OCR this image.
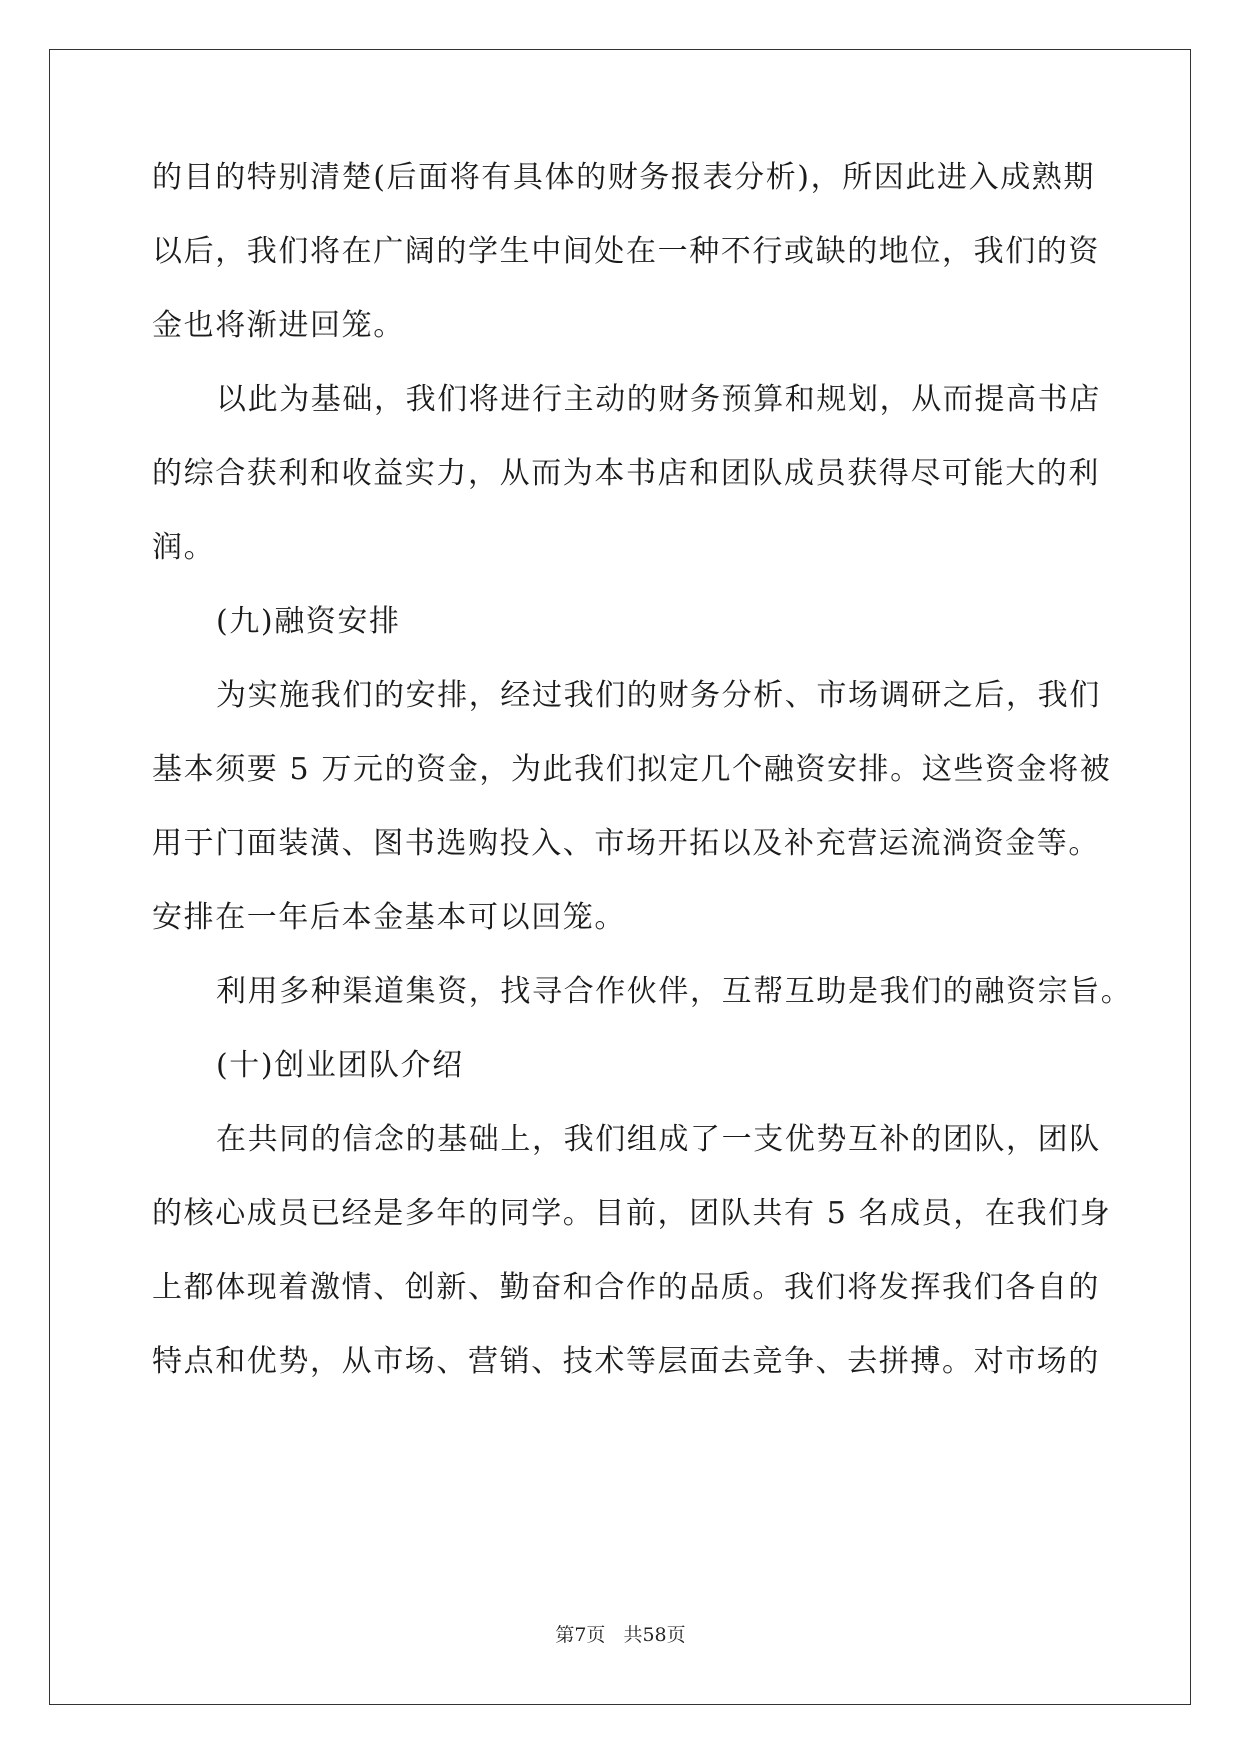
的目的特别清楚(后面将有具体的财务报表分析)，所因此进入成熟期
以后，我们将在广阔的学生中间处在一种不行或缺的地位，我们的资
金也将渐进回笼。
以此为基础，我们将进行主动的财务预算和规划，从而提高书店
的综合获利和收益实力，从而为本书店和团队成员获得尽可能大的利
润。
(九)融资安排
为实施我们的安排，经过我们的财务分析、市场调研之后，我们
基本须要 5 万元的资金，为此我们拟定几个融资安排。这些资金将被
用于门面装潢、图书选购投入、市场开拓以及补充营运流淌资金等。
安排在一年后本金基本可以回笼。
利用多种渠道集资，找寻合作伙伴，互帮互助是我们的融资宗旨。
(十)创业团队介绍
在共同的信念的基础上，我们组成了一支优势互补的团队，团队
的核心成员已经是多年的同学。目前，团队共有 5 名成员，在我们身
上都体现着激情、创新、勤奋和合作的品质。我们将发挥我们各自的
特点和优势，从市场、营销、技术等层面去竞争、去拼搏。对市场的
第7页 共58页
